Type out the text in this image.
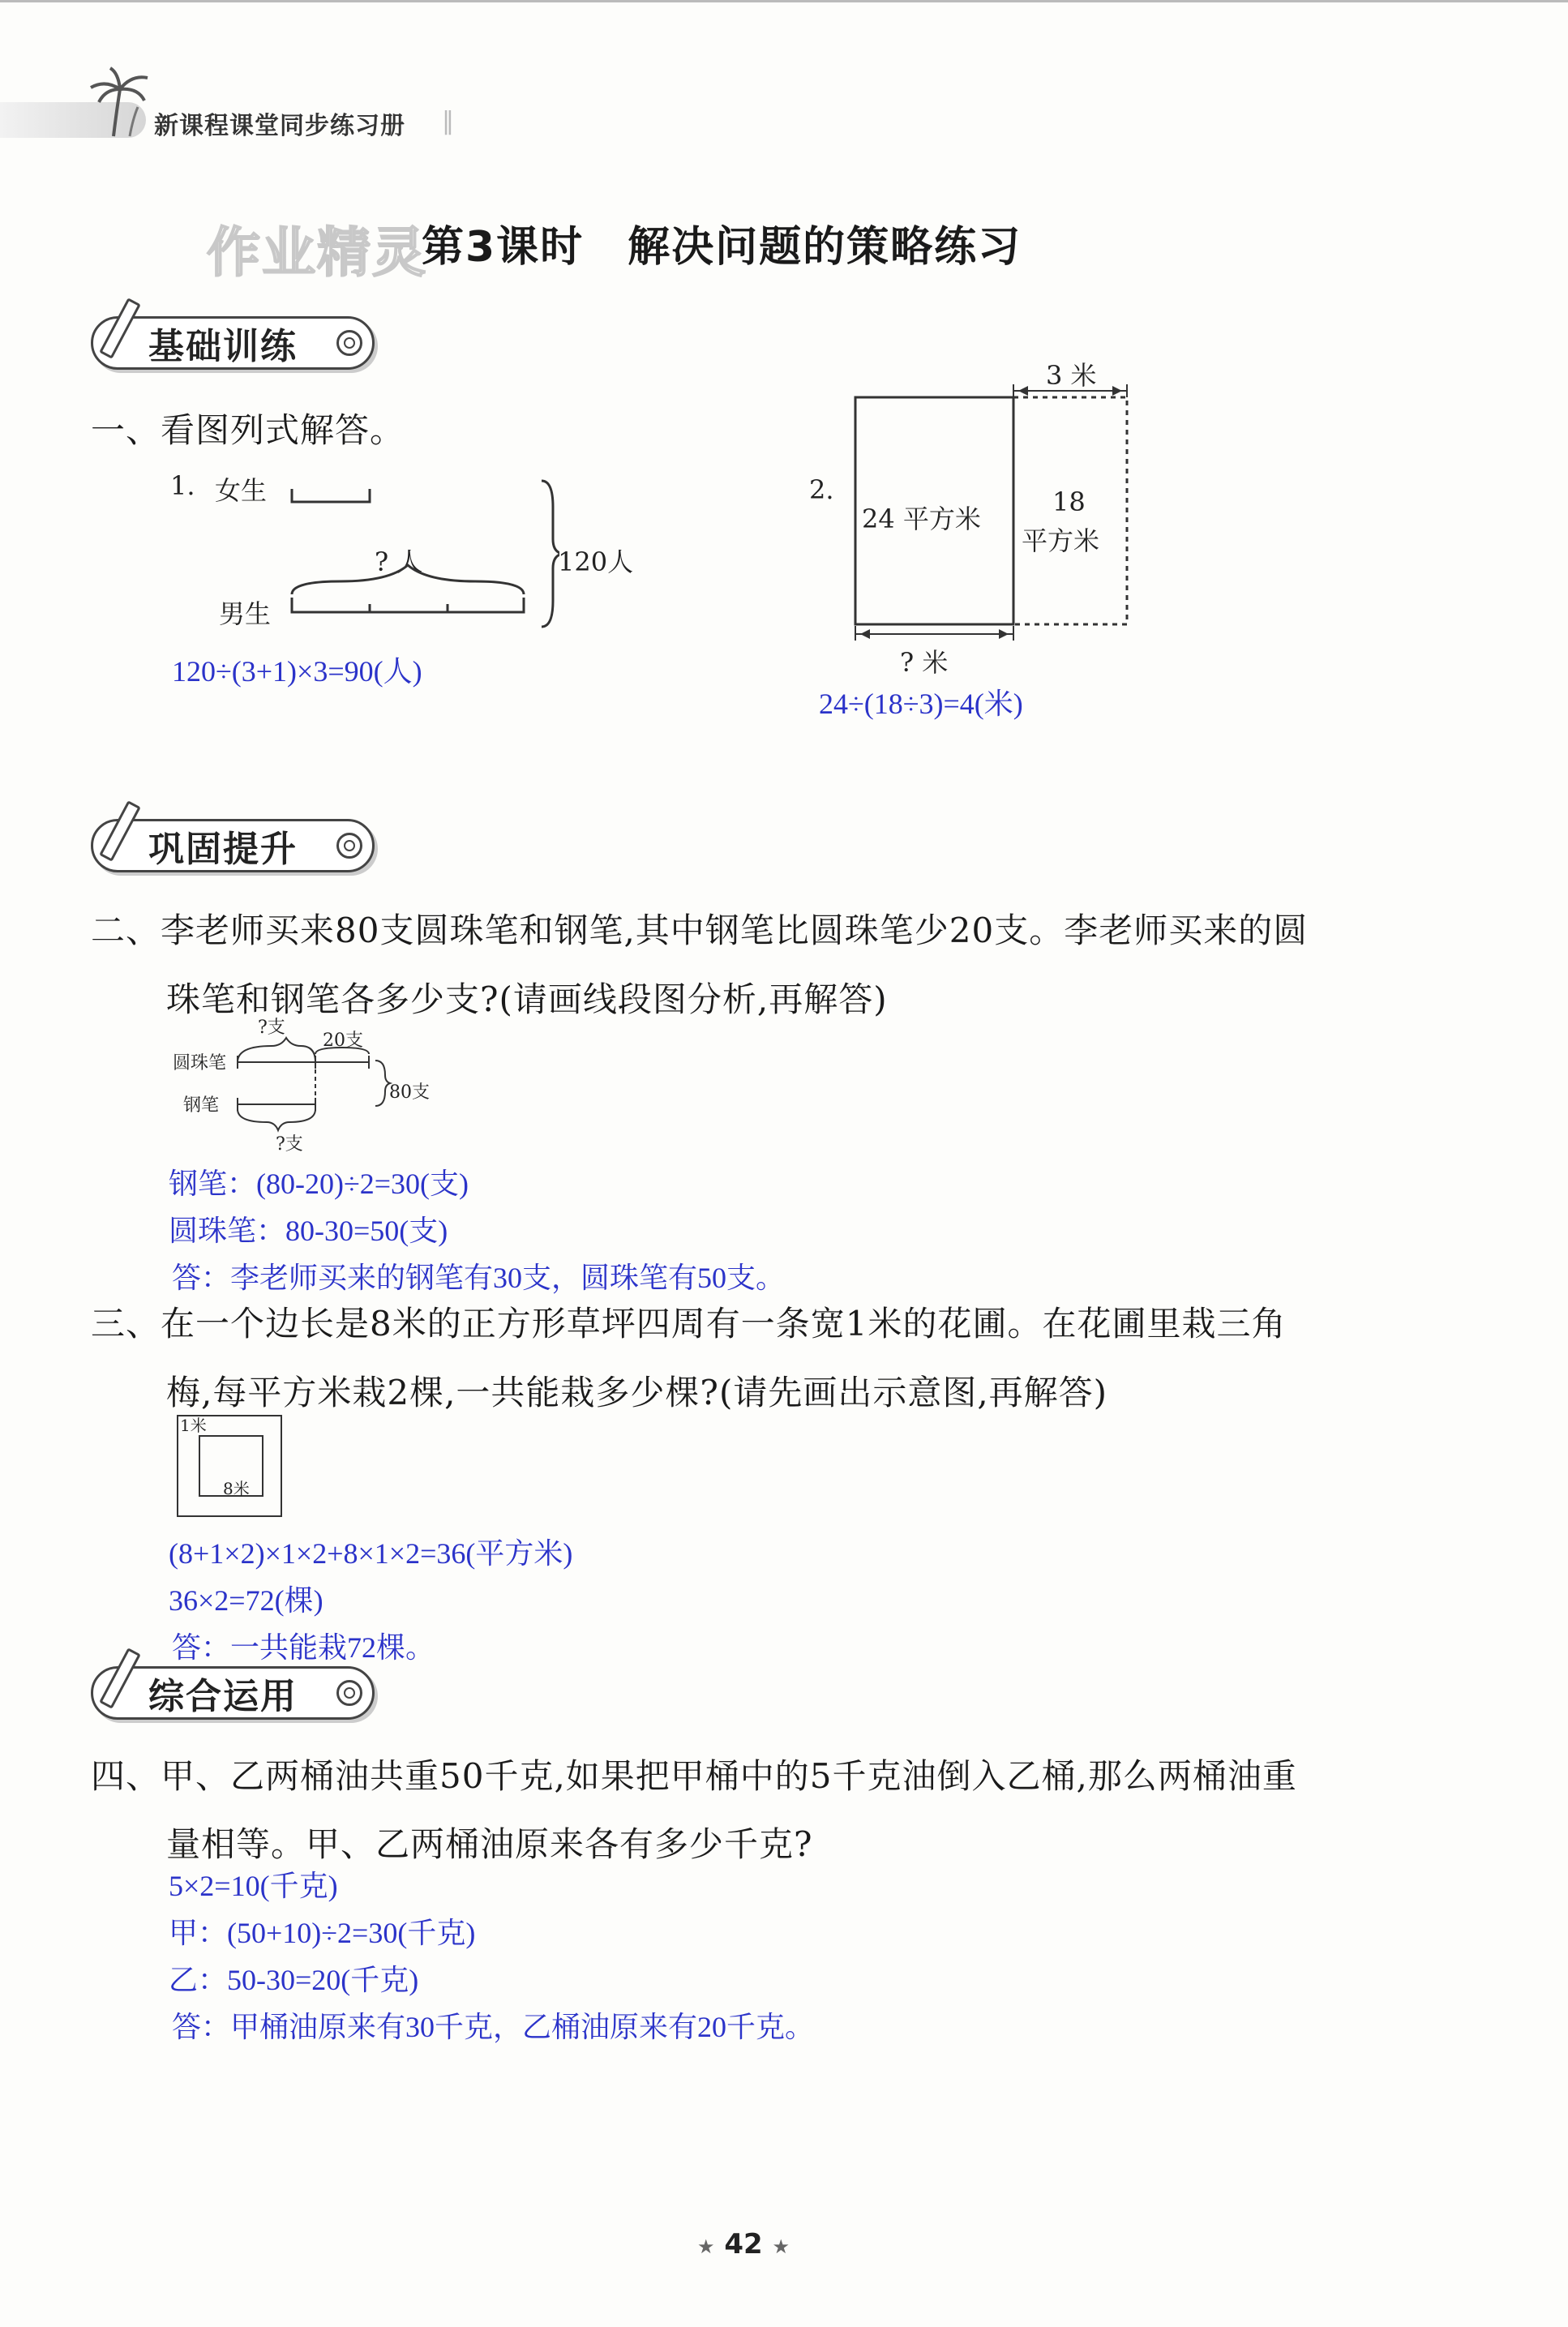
新课程课堂同步练习册 ‖
作业精灵
第3课时　解决问题的策略练习
基础训练
一、看图列式解答。
1. 女生
男生
? 人	120人
120÷(3+1)×3=90(人)
2.
3 米
24 平方米
18
平方米
? 米
24÷(18÷3)=4(米)
巩固提升
二、李老师买来80支圆珠笔和钢笔,其中钢笔比圆珠笔少20支。李老师买来的圆
珠笔和钢笔各多少支?(请画线段图分析,再解答)
?支
20支
圆珠笔
钢笔
80支
?支
钢笔：(80-20)÷2=30(支)
圆珠笔：80-30=50(支)
答：李老师买来的钢笔有30支，圆珠笔有50支。
三、在一个边长是8米的正方形草坪四周有一条宽1米的花圃。在花圃里栽三角
梅,每平方米栽2棵,一共能栽多少棵?(请先画出示意图,再解答)
1米
8米
(8+1×2)×1×2+8×1×2=36(平方米)
36×2=72(棵)
答：一共能栽72棵。
综合运用
四、甲、乙两桶油共重50千克,如果把甲桶中的5千克油倒入乙桶,那么两桶油重
量相等。甲、乙两桶油原来各有多少千克?
5×2=10(千克)
甲：(50+10)÷2=30(千克)
乙：50-30=20(千克)
答：甲桶油原来有30千克，乙桶油原来有20千克。
★ 42 ★
